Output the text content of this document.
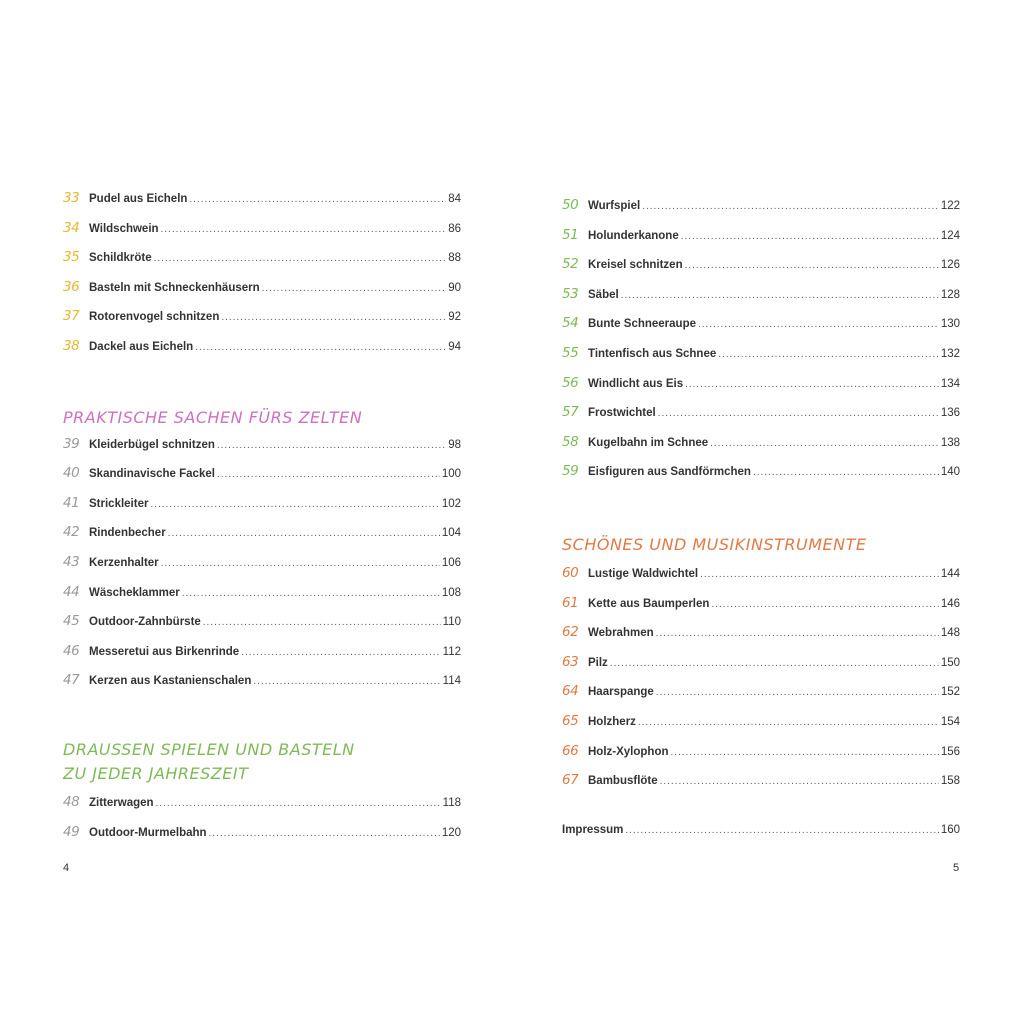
33 Pudel aus Eicheln . . .	84
34 Wildschwein . . .	86
35 Schildkröte . . .	88
36 Basteln mit Schneckenhäusern . . .	90
37 Rotorenvogel schnitzen . . .	92
38 Dackel aus Eicheln . . .	94
PRAKTISCHE SACHEN FÜRS ZELTEN
39 Kleiderbügel schnitzen . . .	98
40 Skandinavische Fackel . . .	100
41 Strickleiter . . .	102
42 Rindenbecher . . .	104
43 Kerzenhalter . . .	106
44 Wäscheklammer . . .	108
45 Outdoor-Zahnbürste . . .	110
46 Messeretui aus Birkenrinde . . .	112
47 Kerzen aus Kastanienschalen . . .	114
DRAUSSEN SPIELEN UND BASTELN
ZU JEDER JAHRESZEIT
48 Zitterwagen . . .	118
49 Outdoor-Murmelbahn . . .	120
50 Wurfspiel . . .	122
51 Holunderkanone . . .	124
52 Kreisel schnitzen . . .	126
53 Säbel . . .	128
54 Bunte Schneeraupe . . .	130
55 Tintenfisch aus Schnee . . .	132
56 Windlicht aus Eis . . .	134
57 Frostwichtel . . .	136
58 Kugelbahn im Schnee . . .	138
59 Eisfiguren aus Sandförmchen . . .	140
SCHÖNES UND MUSIKINSTRUMENTE
60 Lustige Waldwichtel . . .	144
61 Kette aus Baumperlen . . .	146
62 Webrahmen . . .	148
63 Pilz . . .	150
64 Haarspange . . .	152
65 Holzherz . . .	154
66 Holz-Xylophon . . .	156
67 Bambusflöte . . .	158
Impressum . . .	160
4	5
